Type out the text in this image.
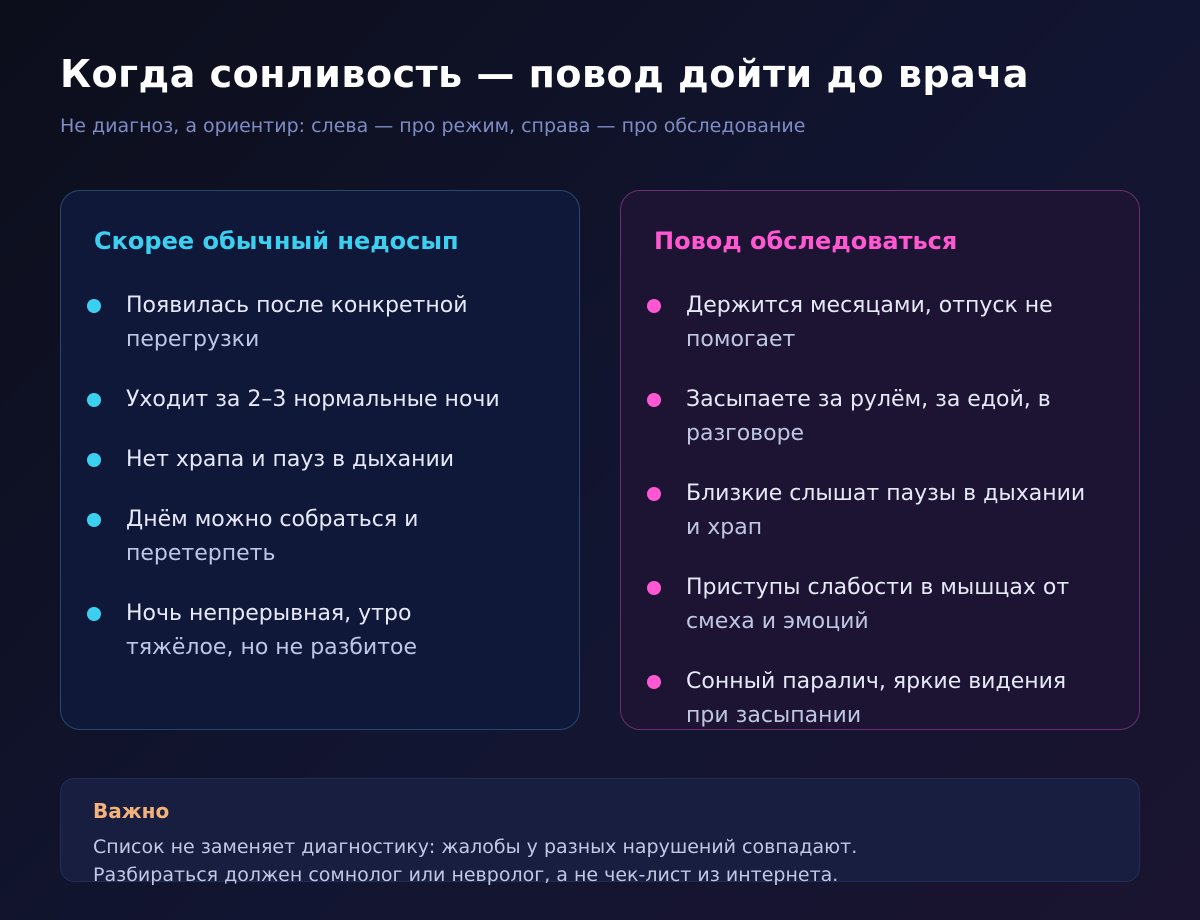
Когда сонливость — повод дойти до врача

Не диагноз, а ориентир: слева — про режим, справа — про обследование

Скорее обычный недосып
Появилась после конкретной
перегрузки
Уходит за 2–3 нормальные ночи
Нет храпа и пауз в дыхании
Днём можно собраться и
перетерпеть
Ночь непрерывная, утро
тяжёлое, но не разбитое
Повод обследоваться
Держится месяцами, отпуск не
помогает
Засыпаете за рулём, за едой, в
разговоре
Близкие слышат паузы в дыхании
и храп
Приступы слабости в мышцах от
смеха и эмоций
Сонный паралич, яркие видения
при засыпании
Важно

Список не заменяет диагностику: жалобы у разных нарушений совпадают.
Разбираться должен сомнолог или невролог, а не чек-лист из интернета.
